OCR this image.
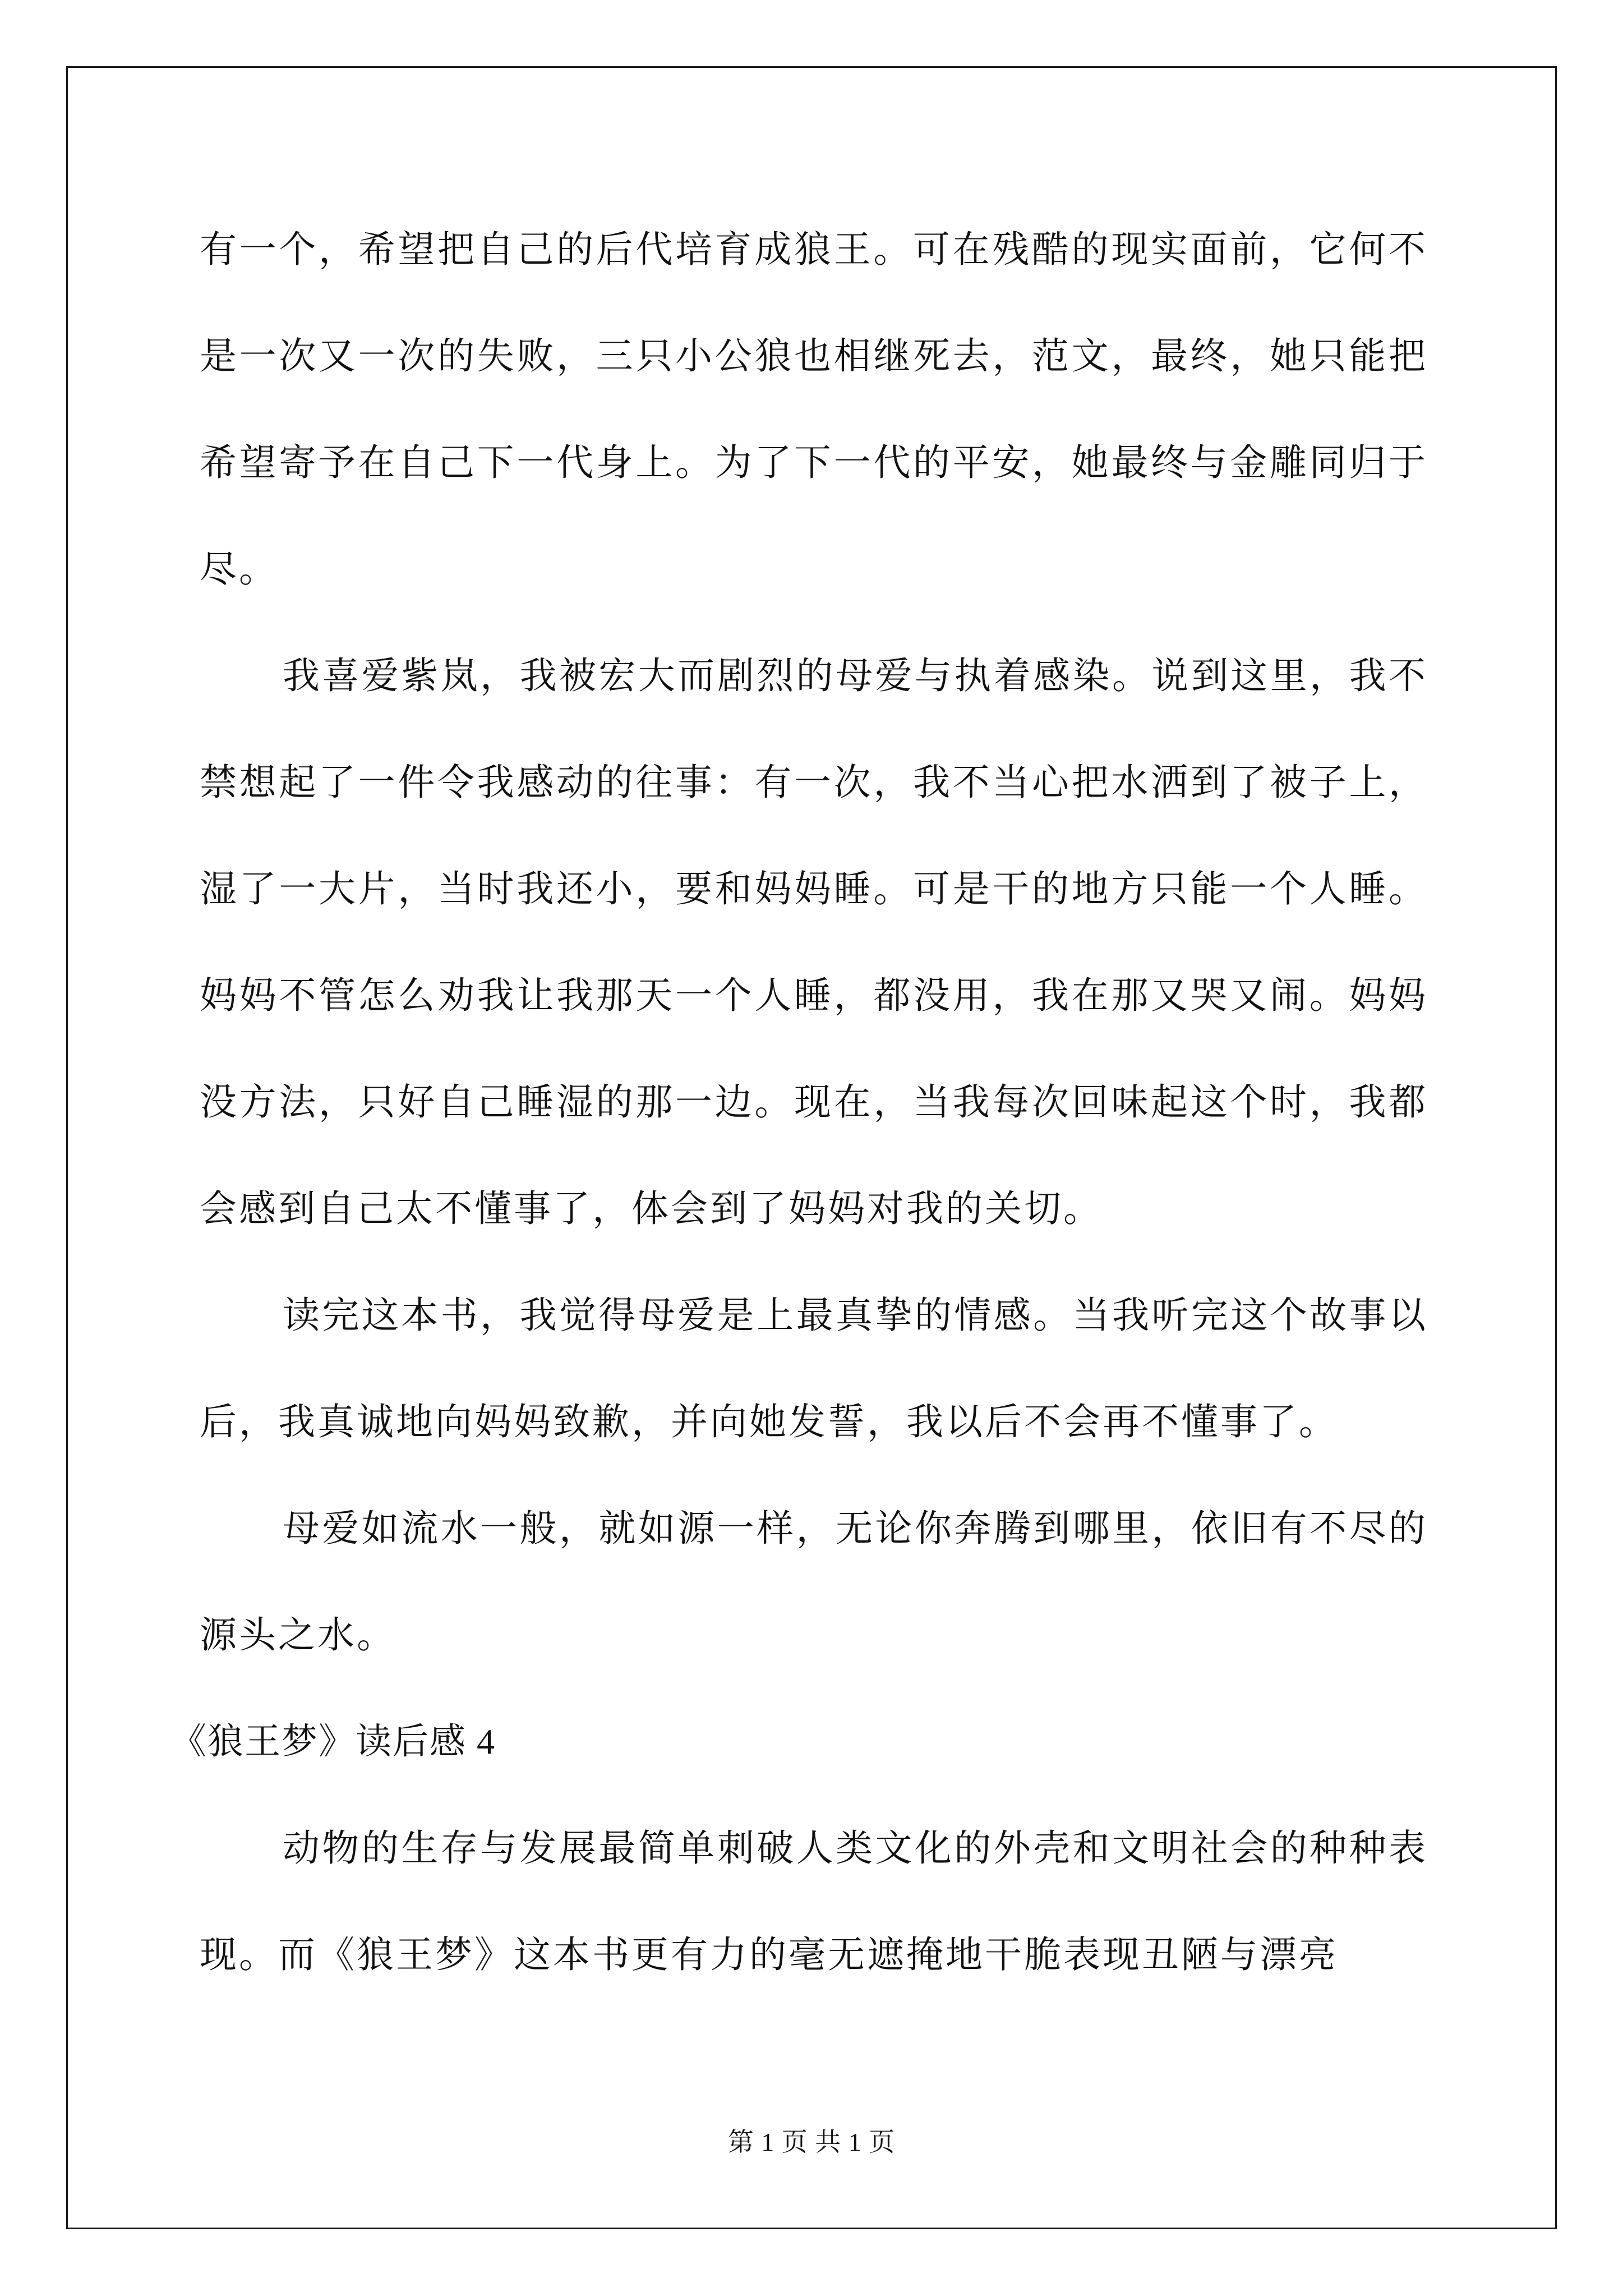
有一个，希望把自己的后代培育成狼王。可在残酷的现实面前，它何不是一次又一次的失败，三只小公狼也相继死去，范文，最终，她只能把希望寄予在自己下一代身上。为了下一代的平安，她最终与金雕同归于尽。

我喜爱紫岚，我被宏大而剧烈的母爱与执着感染。说到这里，我不禁想起了一件令我感动的往事：有一次，我不当心把水洒到了被子上，湿了一大片，当时我还小，要和妈妈睡。可是干的地方只能一个人睡。妈妈不管怎么劝我让我那天一个人睡，都没用，我在那又哭又闹。妈妈没方法，只好自己睡湿的那一边。现在，当我每次回味起这个时，我都会感到自己太不懂事了，体会到了妈妈对我的关切。

读完这本书，我觉得母爱是上最真挚的情感。当我听完这个故事以后，我真诚地向妈妈致歉，并向她发誓，我以后不会再不懂事了。

母爱如流水一般，就如源一样，无论你奔腾到哪里，依旧有不尽的源头之水。

《狼王梦》读后感 4

动物的生存与发展最简单刺破人类文化的外壳和文明社会的种种表现。而《狼王梦》这本书更有力的毫无遮掩地干脆表现丑陋与漂亮

第 1 页 共 1 页
